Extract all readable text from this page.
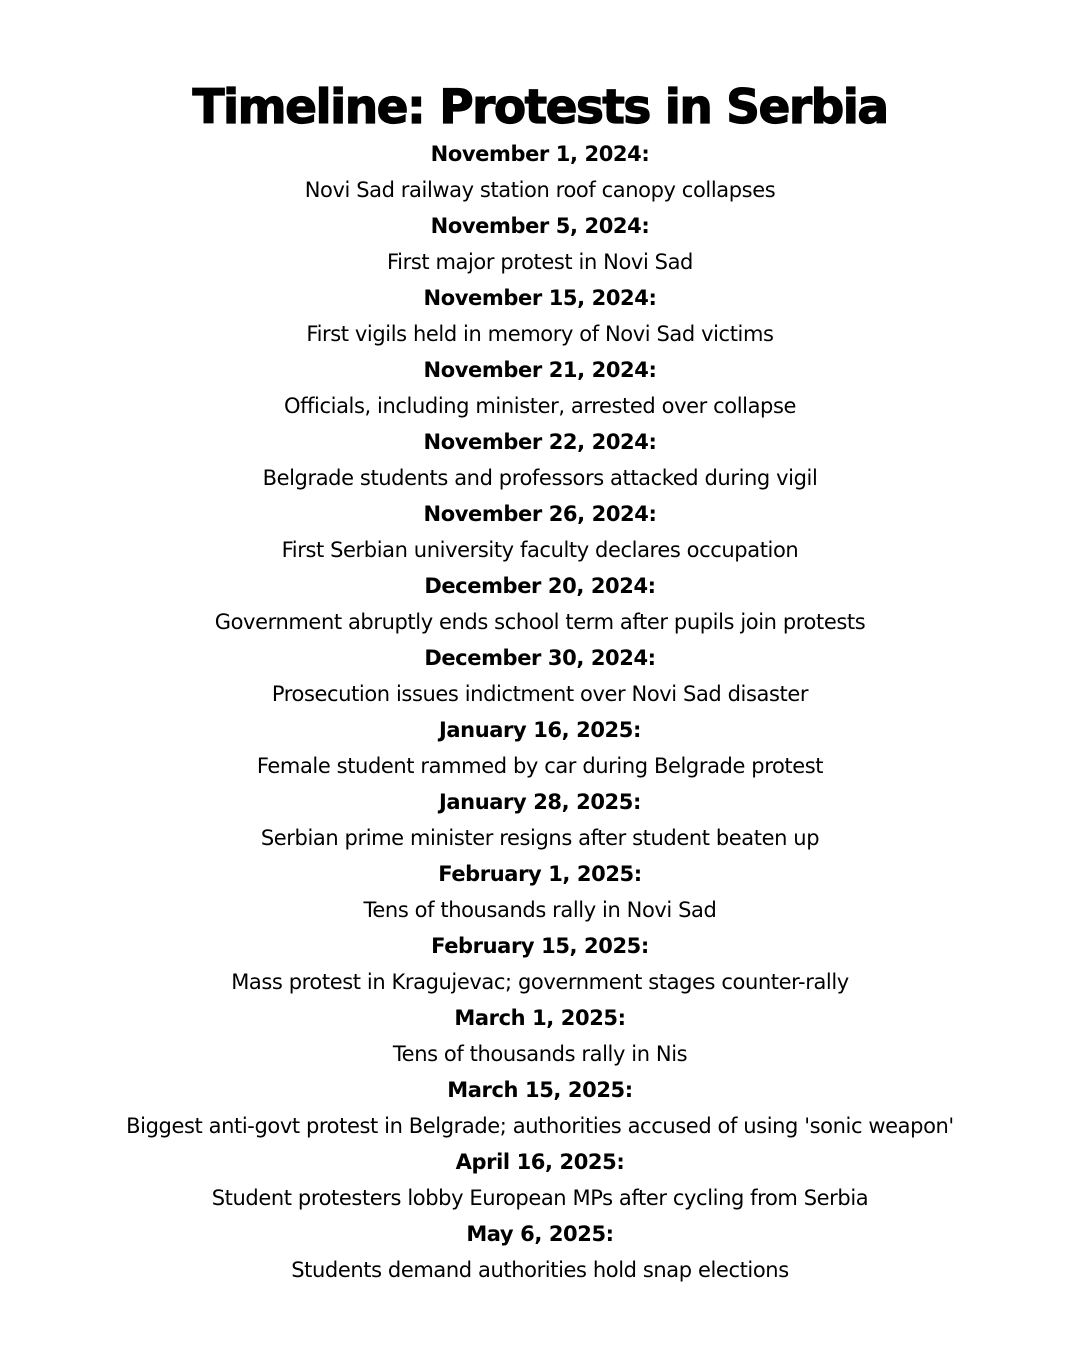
Timeline: Protests in Serbia
November 1, 2024:
Novi Sad railway station roof canopy collapses
November 5, 2024:
First major protest in Novi Sad
November 15, 2024:
First vigils held in memory of Novi Sad victims
November 21, 2024:
Officials, including minister, arrested over collapse
November 22, 2024:
Belgrade students and professors attacked during vigil
November 26, 2024:
First Serbian university faculty declares occupation
December 20, 2024:
Government abruptly ends school term after pupils join protests
December 30, 2024:
Prosecution issues indictment over Novi Sad disaster
January 16, 2025:
Female student rammed by car during Belgrade protest
January 28, 2025:
Serbian prime minister resigns after student beaten up
February 1, 2025:
Tens of thousands rally in Novi Sad
February 15, 2025:
Mass protest in Kragujevac; government stages counter-rally
March 1, 2025:
Tens of thousands rally in Nis
March 15, 2025:
Biggest anti-govt protest in Belgrade; authorities accused of using 'sonic weapon'
April 16, 2025:
Student protesters lobby European MPs after cycling from Serbia
May 6, 2025:
Students demand authorities hold snap elections
